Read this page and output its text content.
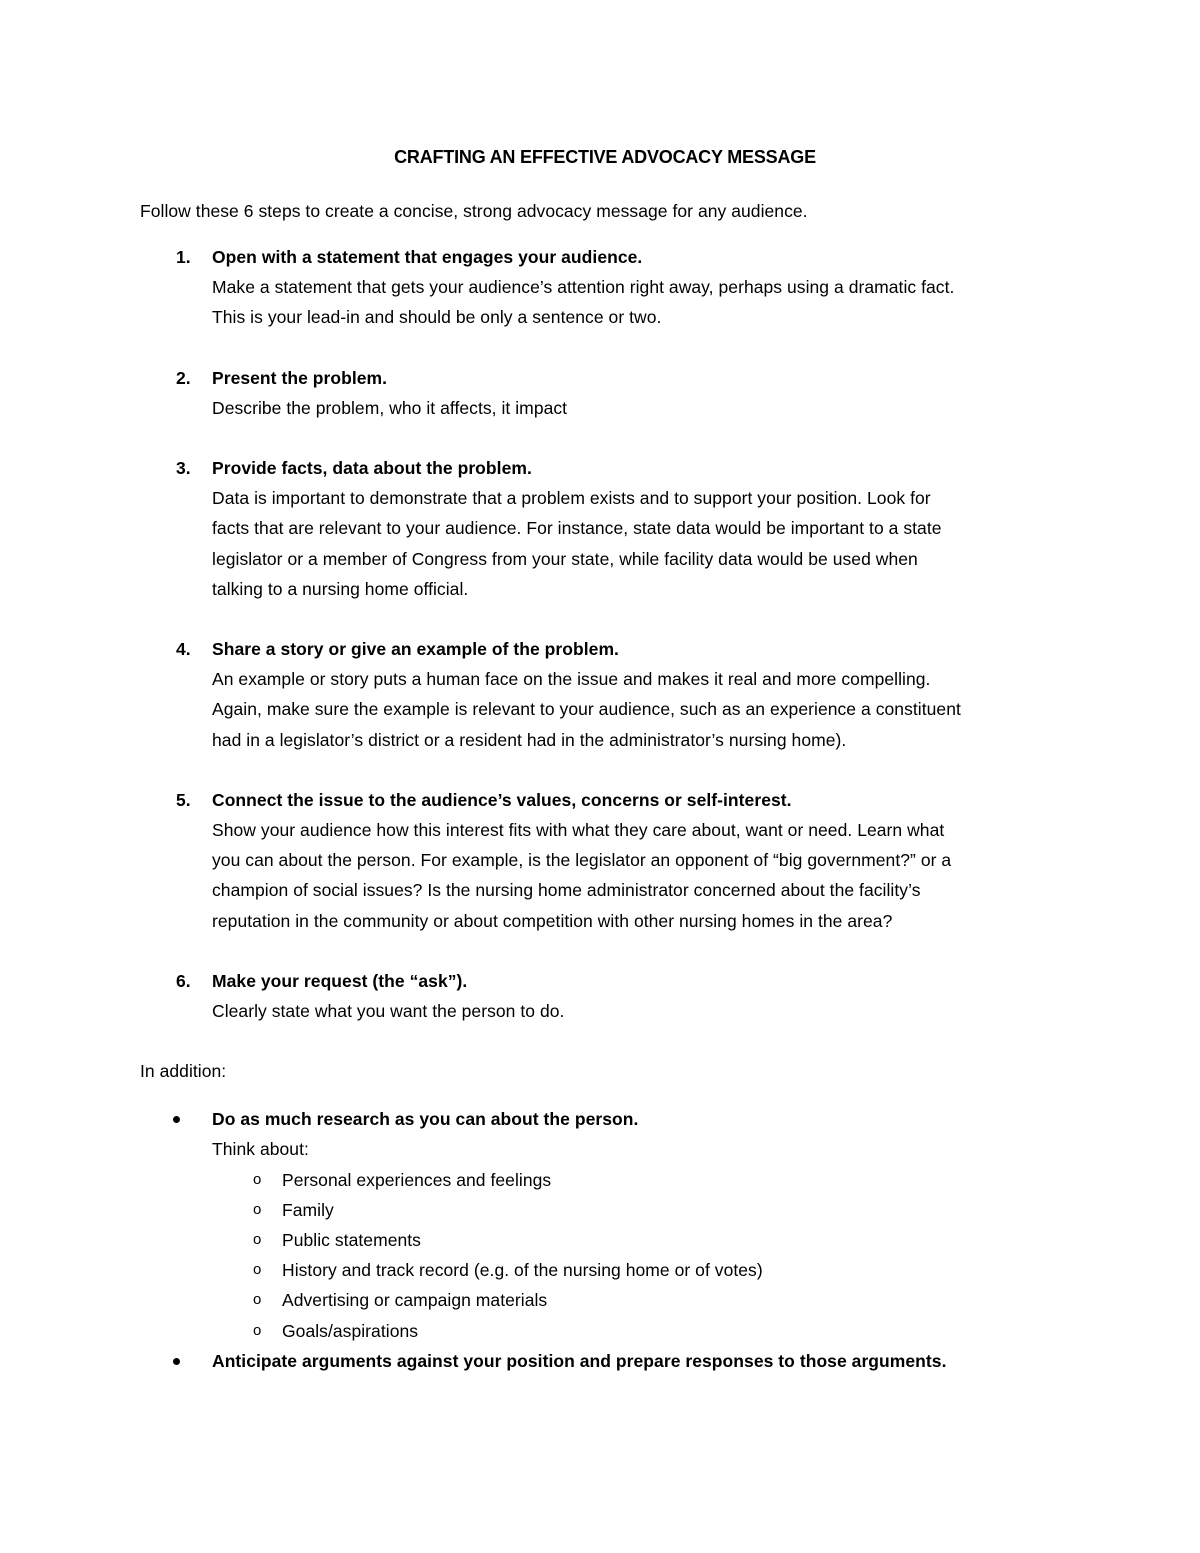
CRAFTING AN EFFECTIVE ADVOCACY MESSAGE
Follow these 6 steps to create a concise, strong advocacy message for any audience.
1. Open with a statement that engages your audience.
Make a statement that gets your audience’s attention right away, perhaps using a dramatic fact.
This is your lead-in and should be only a sentence or two.
2. Present the problem.
Describe the problem, who it affects, it impact
3. Provide facts, data about the problem.
Data is important to demonstrate that a problem exists and to support your position. Look for
facts that are relevant to your audience. For instance, state data would be important to a state
legislator or a member of Congress from your state, while facility data would be used when
talking to a nursing home official.
4. Share a story or give an example of the problem.
An example or story puts a human face on the issue and makes it real and more compelling.
Again, make sure the example is relevant to your audience, such as an experience a constituent
had in a legislator’s district or a resident had in the administrator’s nursing home).
5. Connect the issue to the audience’s values, concerns or self-interest.
Show your audience how this interest fits with what they care about, want or need. Learn what
you can about the person. For example, is the legislator an opponent of “big government?” or a
champion of social issues? Is the nursing home administrator concerned about the facility’s
reputation in the community or about competition with other nursing homes in the area?
6. Make your request (the “ask”).
Clearly state what you want the person to do.
In addition:
Do as much research as you can about the person.
Think about:
o Personal experiences and feelings
o Family
o Public statements
o History and track record (e.g. of the nursing home or of votes)
o Advertising or campaign materials
o Goals/aspirations
Anticipate arguments against your position and prepare responses to those arguments.
